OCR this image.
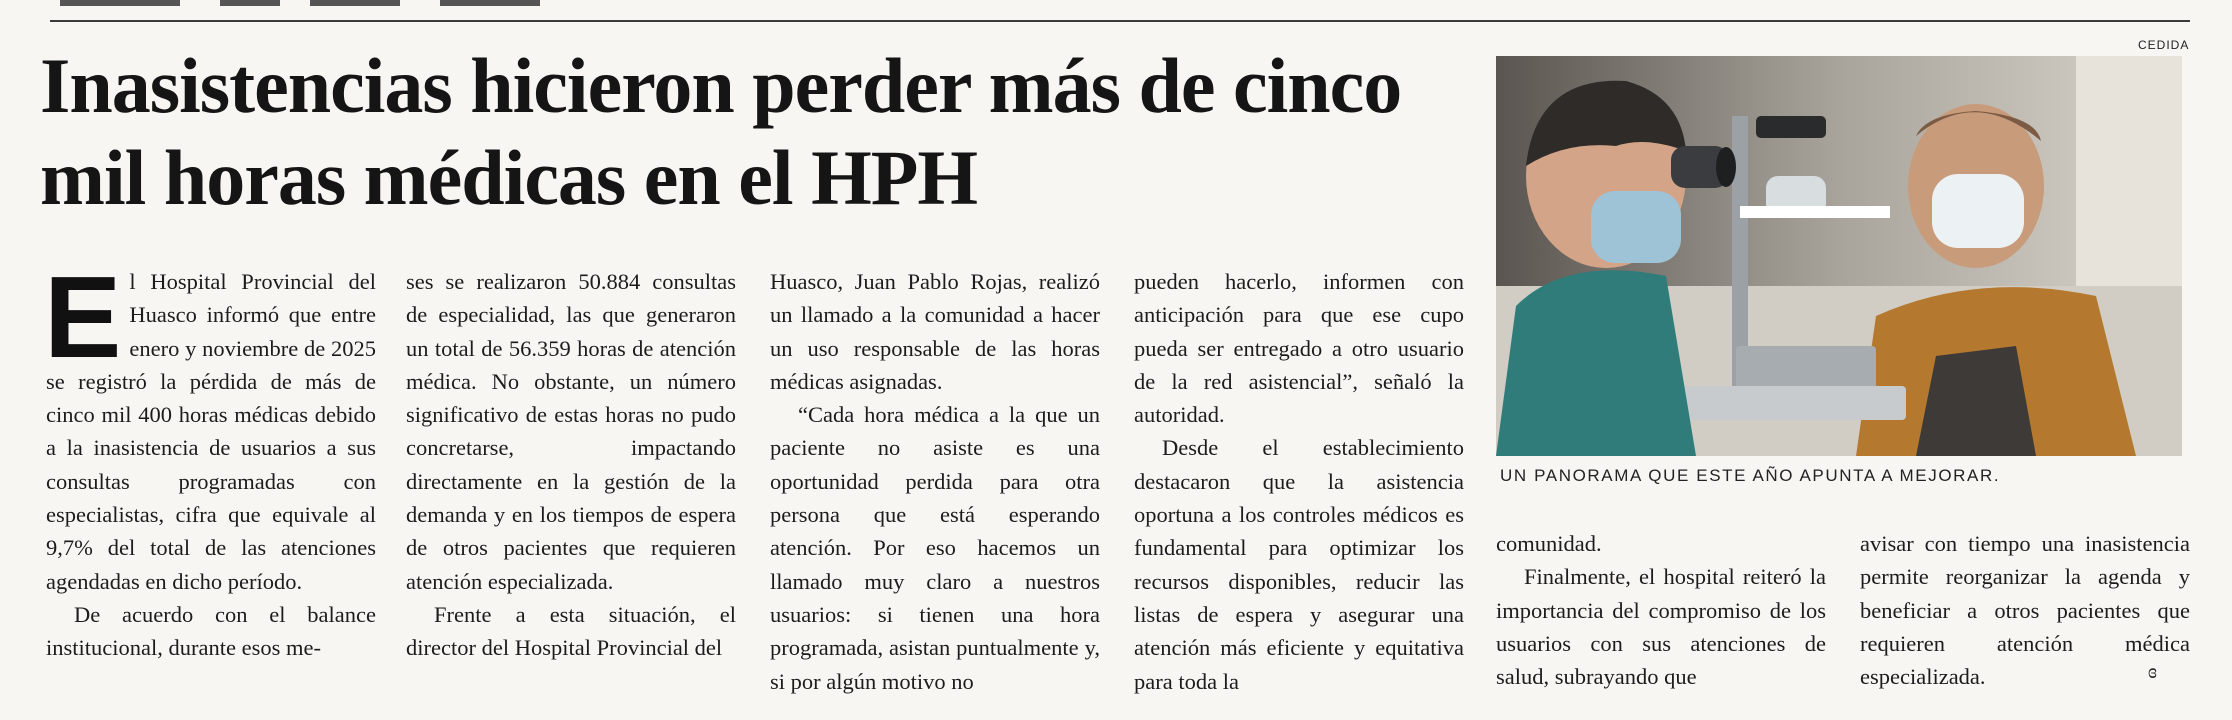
Inasistencias hicieron perder más de cinco mil horas médicas en el HPH
E l Hospital Provincial del Huasco informó que entre enero y noviembre de 2025 se registró la pérdida de más de cinco mil 400 horas médicas debido a la inasistencia de usuarios a sus consultas programadas con especialistas, cifra que equivale al 9,7% del total de las atenciones agendadas en dicho período.

De acuerdo con el balance institucional, durante esos me-

ses se realizaron 50.884 consultas de especialidad, las que generaron un total de 56.359 horas de atención médica. No obstante, un número significativo de estas horas no pudo concretarse, impactando directamente en la gestión de la demanda y en los tiempos de espera de otros pacientes que requieren atención especializada.

Frente a esta situación, el director del Hospital Provincial del

Huasco, Juan Pablo Rojas, realizó un llamado a la comunidad a hacer un uso responsable de las horas médicas asignadas.

“Cada hora médica a la que un paciente no asiste es una oportunidad perdida para otra persona que está esperando atención. Por eso hacemos un llamado muy claro a nuestros usuarios: si tienen una hora programada, asistan puntualmente y, si por algún motivo no

pueden hacerlo, informen con anticipación para que ese cupo pueda ser entregado a otro usuario de la red asistencial”, señaló la autoridad.

Desde el establecimiento destacaron que la asistencia oportuna a los controles médicos es fundamental para optimizar los recursos disponibles, reducir las listas de espera y asegurar una atención más eficiente y equitativa para toda la

comunidad.

Finalmente, el hospital reiteró la importancia del compromiso de los usuarios con sus atenciones de salud, subrayando que

avisar con tiempo una inasistencia permite reorganizar la agenda y beneficiar a otros pacientes que requieren atención médica especializada.

CEDIDA
UN PANORAMA QUE ESTE AÑO APUNTA A MEJORAR.
ɞ
